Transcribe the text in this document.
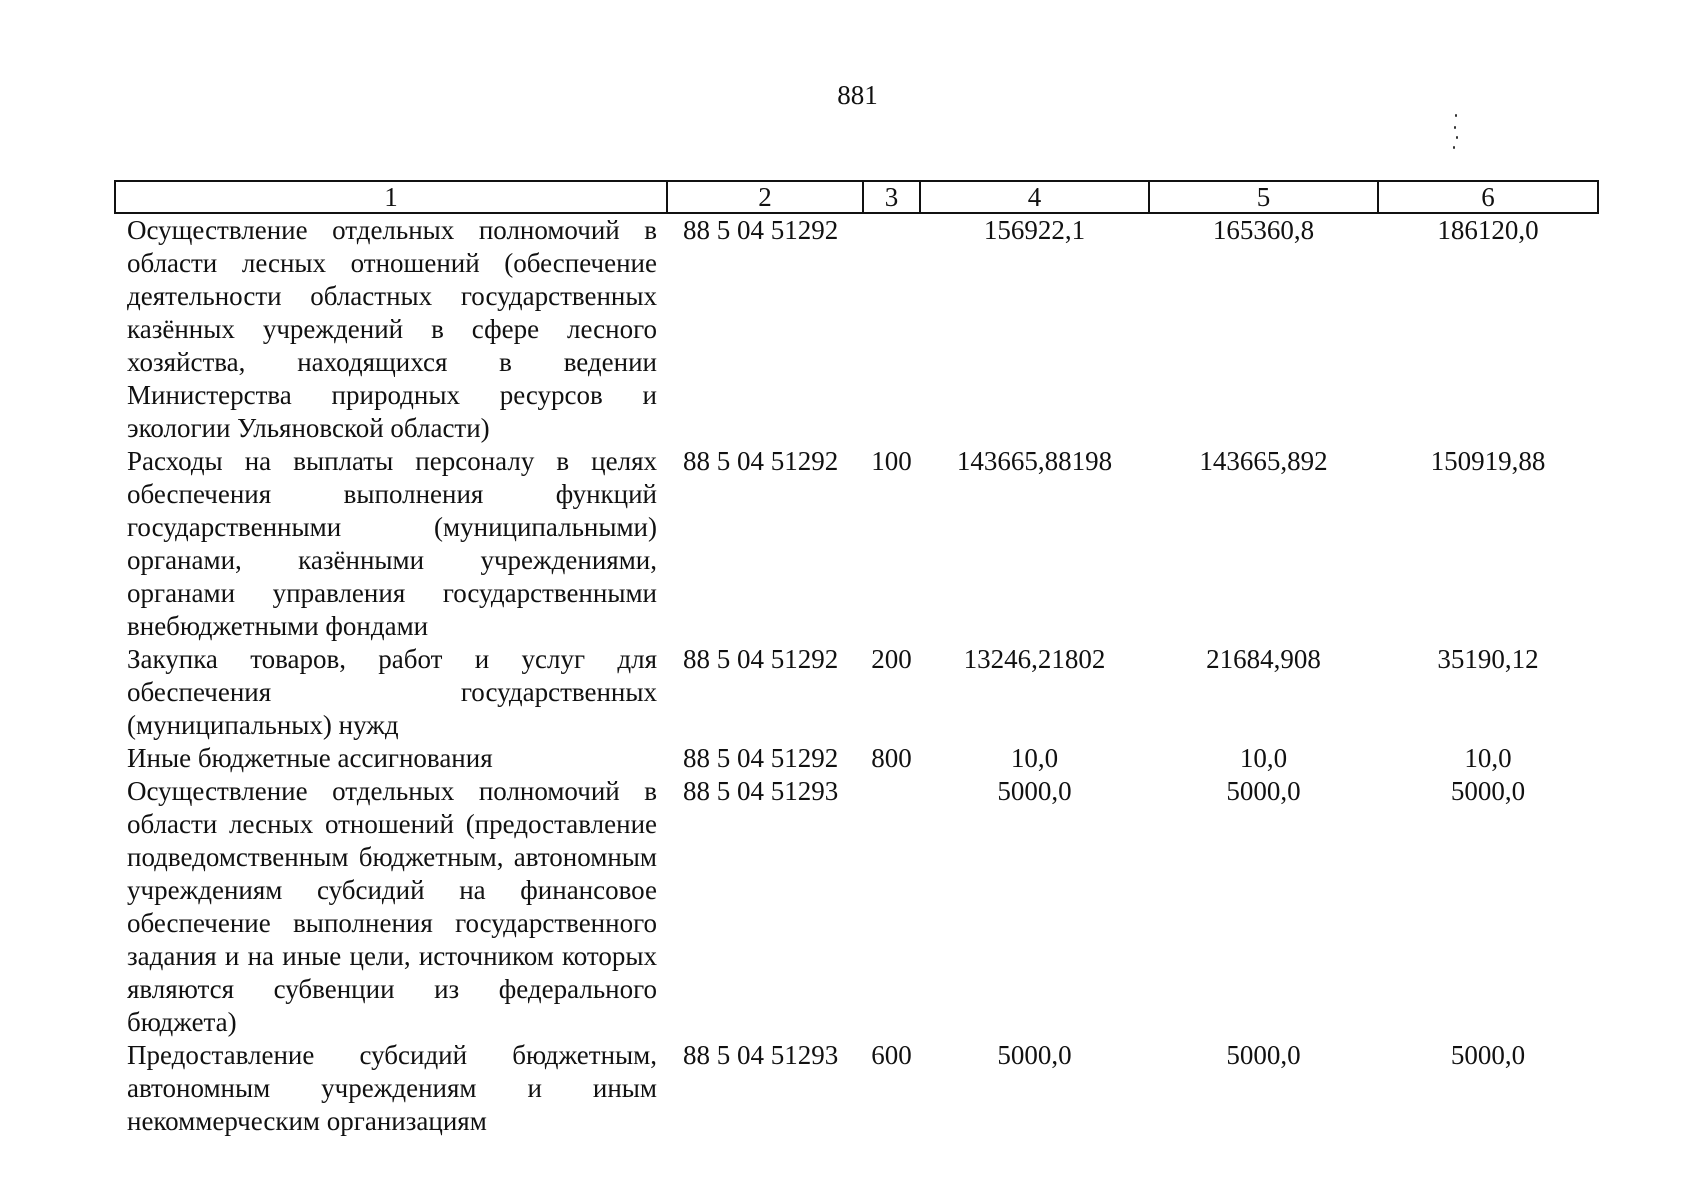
881
1	2	3	4	5	6
Осуществление отдельных полномочий в области лесных отношений (обеспечение деятельности областных государственных казённых учреждений в сфере лесного хозяйства, находящихся в ведении Министерства природных ресурсов и экологии Ульяновской области)	88 5 04 51292		156922,1	165360,8	186120,0
Расходы на выплаты персоналу в целях обеспечения выполнения функций государственными (муниципальными) органами, казёнными учреждениями, органами управления государственными внебюджетными фондами	88 5 04 51292	100	143665,88198	143665,892	150919,88
Закупка товаров, работ и услуг для обеспечения государственных (муниципальных) нужд	88 5 04 51292	200	13246,21802	21684,908	35190,12
Иные бюджетные ассигнования	88 5 04 51292	800	10,0	10,0	10,0
Осуществление отдельных полномочий в области лесных отношений (предоставление подведомственным бюджетным, автономным учреждениям субсидий на финансовое обеспечение выполнения государственного задания и на иные цели, источником которых являются субвенции из федерального бюджета)	88 5 04 51293		5000,0	5000,0	5000,0
Предоставление субсидий бюджетным, автономным учреждениям и иным некоммерческим организациям	88 5 04 51293	600	5000,0	5000,0	5000,0
